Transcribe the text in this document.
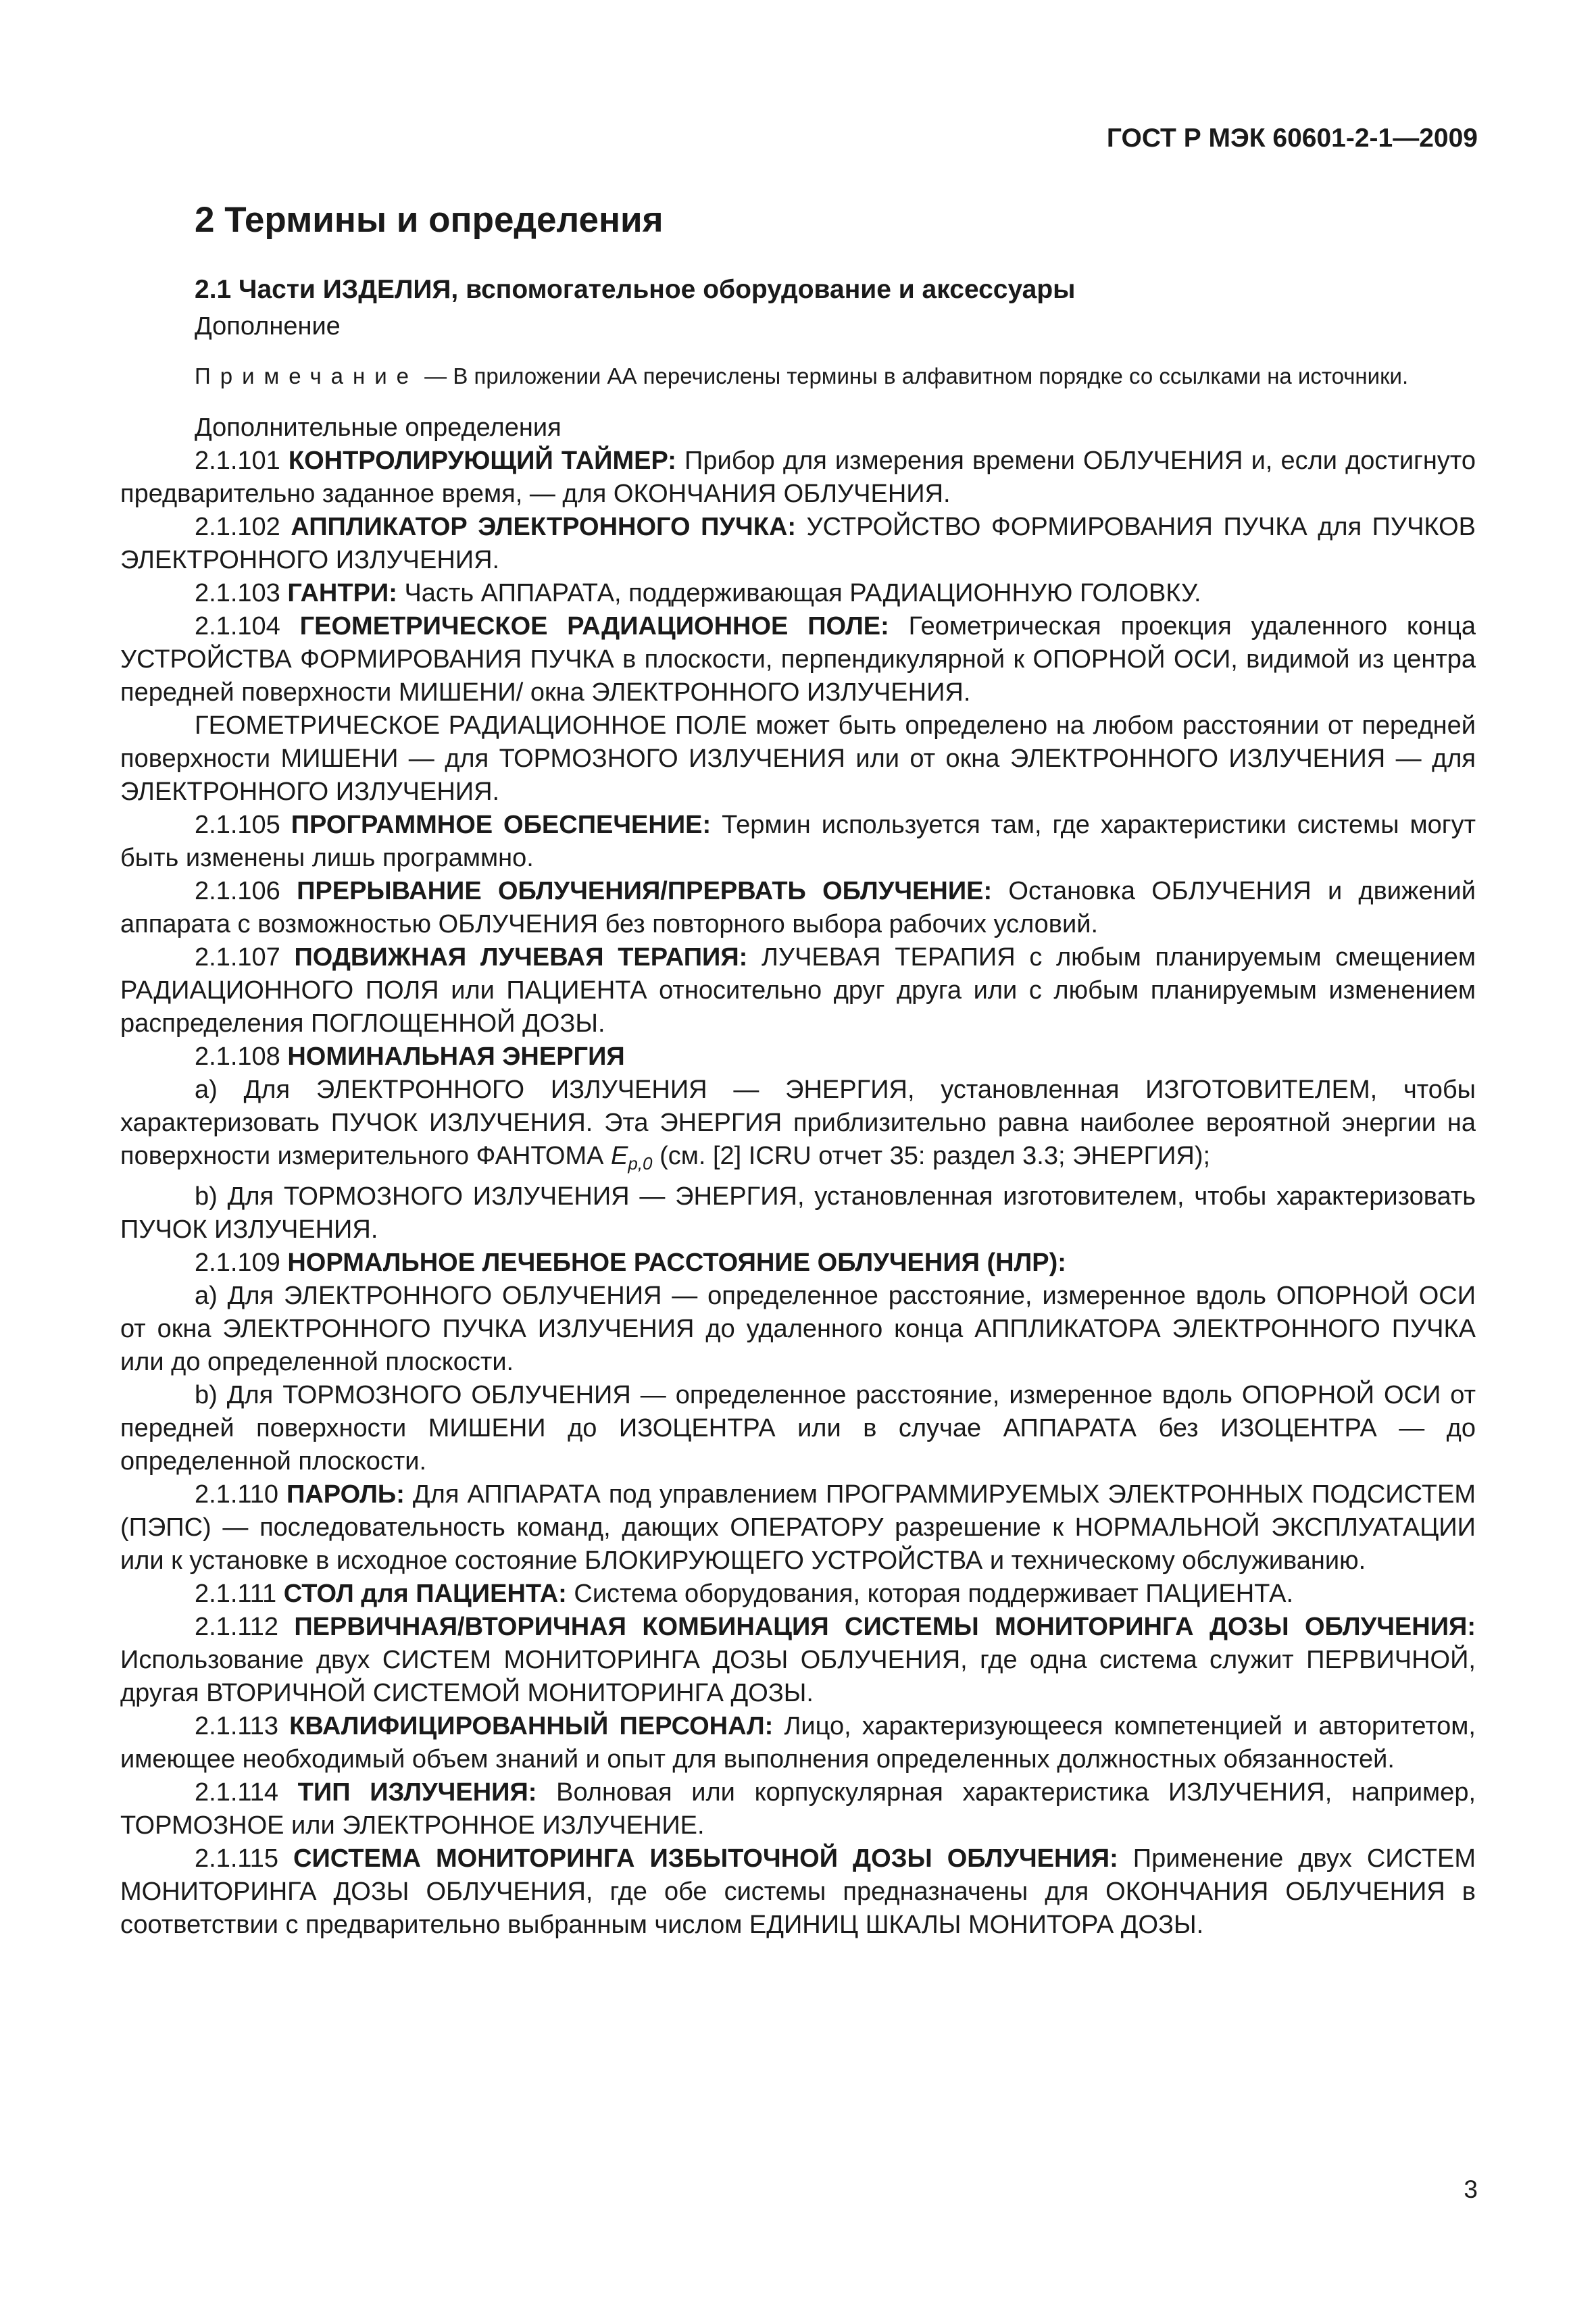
ГОСТ Р МЭК 60601-2-1—2009
2 Термины и определения
2.1 Части ИЗДЕЛИЯ, вспомогательное оборудование и аксессуары
Дополнение

Примечание — В приложении АА перечислены термины в алфавитном порядке со ссылками на источники.

Дополнительные определения

2.1.101 КОНТРОЛИРУЮЩИЙ ТАЙМЕР: Прибор для измерения времени ОБЛУЧЕНИЯ и, если достигнуто предварительно заданное время, — для ОКОНЧАНИЯ ОБЛУЧЕНИЯ.

2.1.102 АППЛИКАТОР ЭЛЕКТРОННОГО ПУЧКА: УСТРОЙСТВО ФОРМИРОВАНИЯ ПУЧКА для ПУЧКОВ ЭЛЕКТРОННОГО ИЗЛУЧЕНИЯ.

2.1.103 ГАНТРИ: Часть АППАРАТА, поддерживающая РАДИАЦИОННУЮ ГОЛОВКУ.

2.1.104 ГЕОМЕТРИЧЕСКОЕ РАДИАЦИОННОЕ ПОЛЕ: Геометрическая проекция удаленного конца УСТРОЙСТВА ФОРМИРОВАНИЯ ПУЧКА в плоскости, перпендикулярной к ОПОРНОЙ ОСИ, видимой из центра передней поверхности МИШЕНИ/ окна ЭЛЕКТРОННОГО ИЗЛУЧЕНИЯ.

ГЕОМЕТРИЧЕСКОЕ РАДИАЦИОННОЕ ПОЛЕ может быть определено на любом расстоянии от передней поверхности МИШЕНИ — для ТОРМОЗНОГО ИЗЛУЧЕНИЯ или от окна ЭЛЕКТРОННОГО ИЗЛУЧЕНИЯ — для ЭЛЕКТРОННОГО ИЗЛУЧЕНИЯ.

2.1.105 ПРОГРАММНОЕ ОБЕСПЕЧЕНИЕ: Термин используется там, где характеристики системы могут быть изменены лишь программно.

2.1.106 ПРЕРЫВАНИЕ ОБЛУЧЕНИЯ/ПРЕРВАТЬ ОБЛУЧЕНИЕ: Остановка ОБЛУЧЕНИЯ и движений аппарата с возможностью ОБЛУЧЕНИЯ без повторного выбора рабочих условий.

2.1.107 ПОДВИЖНАЯ ЛУЧЕВАЯ ТЕРАПИЯ: ЛУЧЕВАЯ ТЕРАПИЯ с любым планируемым смещением РАДИАЦИОННОГО ПОЛЯ или ПАЦИЕНТА относительно друг друга или с любым планируемым изменением распределения ПОГЛОЩЕННОЙ ДОЗЫ.

2.1.108 НОМИНАЛЬНАЯ ЭНЕРГИЯ

а) Для ЭЛЕКТРОННОГО ИЗЛУЧЕНИЯ — ЭНЕРГИЯ, установленная ИЗГОТОВИТЕЛЕМ, чтобы характеризовать ПУЧОК ИЗЛУЧЕНИЯ. Эта ЭНЕРГИЯ приблизительно равна наиболее вероятной энергии на поверхности измерительного ФАНТОМА $E_{p,0}$ (см. [2] ICRU отчет 35: раздел 3.3; ЭНЕРГИЯ);

b) Для ТОРМОЗНОГО ИЗЛУЧЕНИЯ — ЭНЕРГИЯ, установленная изготовителем, чтобы характеризовать ПУЧОК ИЗЛУЧЕНИЯ.

2.1.109 НОРМАЛЬНОЕ ЛЕЧЕБНОЕ РАССТОЯНИЕ ОБЛУЧЕНИЯ (НЛР):

а) Для ЭЛЕКТРОННОГО ОБЛУЧЕНИЯ — определенное расстояние, измеренное вдоль ОПОРНОЙ ОСИ от окна ЭЛЕКТРОННОГО ПУЧКА ИЗЛУЧЕНИЯ до удаленного конца АППЛИКАТОРА ЭЛЕКТРОННОГО ПУЧКА или до определенной плоскости.

b) Для ТОРМОЗНОГО ОБЛУЧЕНИЯ — определенное расстояние, измеренное вдоль ОПОРНОЙ ОСИ от передней поверхности МИШЕНИ до ИЗОЦЕНТРА или в случае АППАРАТА без ИЗОЦЕНТРА — до определенной плоскости.

2.1.110 ПАРОЛЬ: Для АППАРАТА под управлением ПРОГРАММИРУЕМЫХ ЭЛЕКТРОННЫХ ПОДСИСТЕМ (ПЭПС) — последовательность команд, дающих ОПЕРАТОРУ разрешение к НОРМАЛЬНОЙ ЭКСПЛУАТАЦИИ или к установке в исходное состояние БЛОКИРУЮЩЕГО УСТРОЙСТВА и техническому обслуживанию.

2.1.111 СТОЛ для ПАЦИЕНТА: Система оборудования, которая поддерживает ПАЦИЕНТА.

2.1.112 ПЕРВИЧНАЯ/ВТОРИЧНАЯ КОМБИНАЦИЯ СИСТЕМЫ МОНИТОРИНГА ДОЗЫ ОБЛУЧЕНИЯ: Использование двух СИСТЕМ МОНИТОРИНГА ДОЗЫ ОБЛУЧЕНИЯ, где одна система служит ПЕРВИЧНОЙ, другая ВТОРИЧНОЙ СИСТЕМОЙ МОНИТОРИНГА ДОЗЫ.

2.1.113 КВАЛИФИЦИРОВАННЫЙ ПЕРСОНАЛ: Лицо, характеризующееся компетенцией и авторитетом, имеющее необходимый объем знаний и опыт для выполнения определенных должностных обязанностей.

2.1.114 ТИП ИЗЛУЧЕНИЯ: Волновая или корпускулярная характеристика ИЗЛУЧЕНИЯ, например, ТОРМОЗНОЕ или ЭЛЕКТРОННОЕ ИЗЛУЧЕНИЕ.

2.1.115 СИСТЕМА МОНИТОРИНГА ИЗБЫТОЧНОЙ ДОЗЫ ОБЛУЧЕНИЯ: Применение двух СИСТЕМ МОНИТОРИНГА ДОЗЫ ОБЛУЧЕНИЯ, где обе системы предназначены для ОКОНЧАНИЯ ОБЛУЧЕНИЯ в соответствии с предварительно выбранным числом ЕДИНИЦ ШКАЛЫ МОНИТОРА ДОЗЫ.

3
